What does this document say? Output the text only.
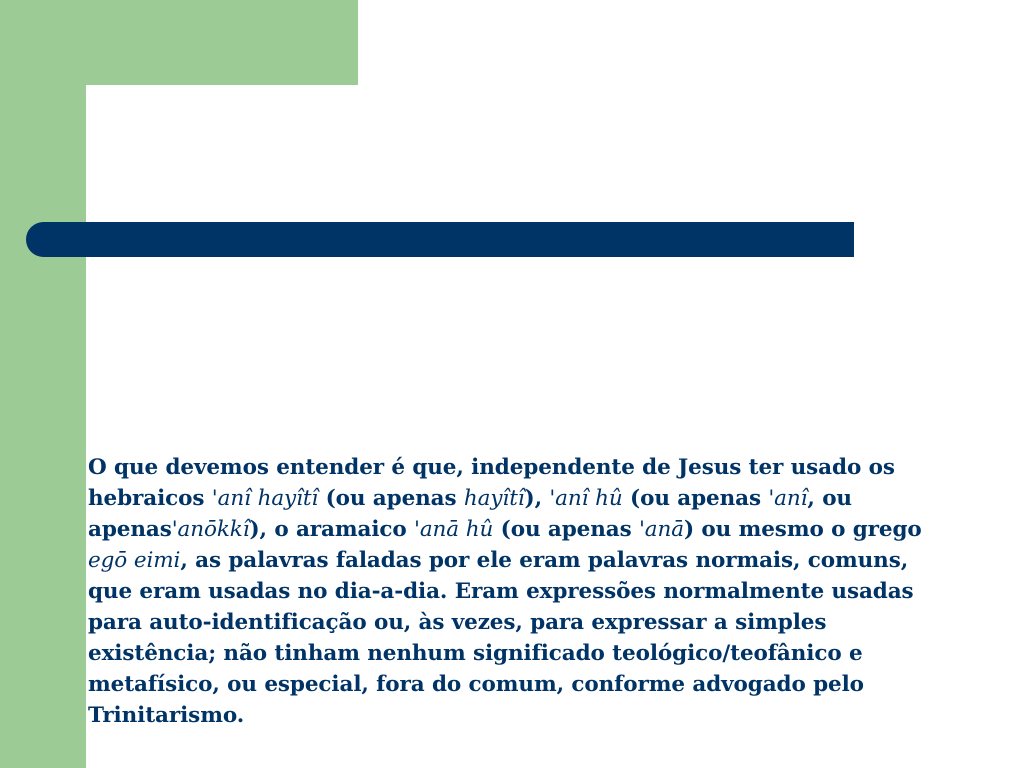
O que devemos entender é que, independente de Jesus ter usado os hebraicos 'anî hayîtî (ou apenas hayîtî), 'anî hû (ou apenas 'anî, ou apenas'anōkkî), o aramaico 'anā hû (ou apenas 'anā) ou mesmo o grego egō eimi, as palavras faladas por ele eram palavras normais, comuns, que eram usadas no dia-a-dia. Eram expressões normalmente usadas para auto-identificação ou, às vezes, para expressar a simples existência; não tinham nenhum significado teológico/teofânico e metafísico, ou especial, fora do comum, conforme advogado pelo Trinitarismo.
